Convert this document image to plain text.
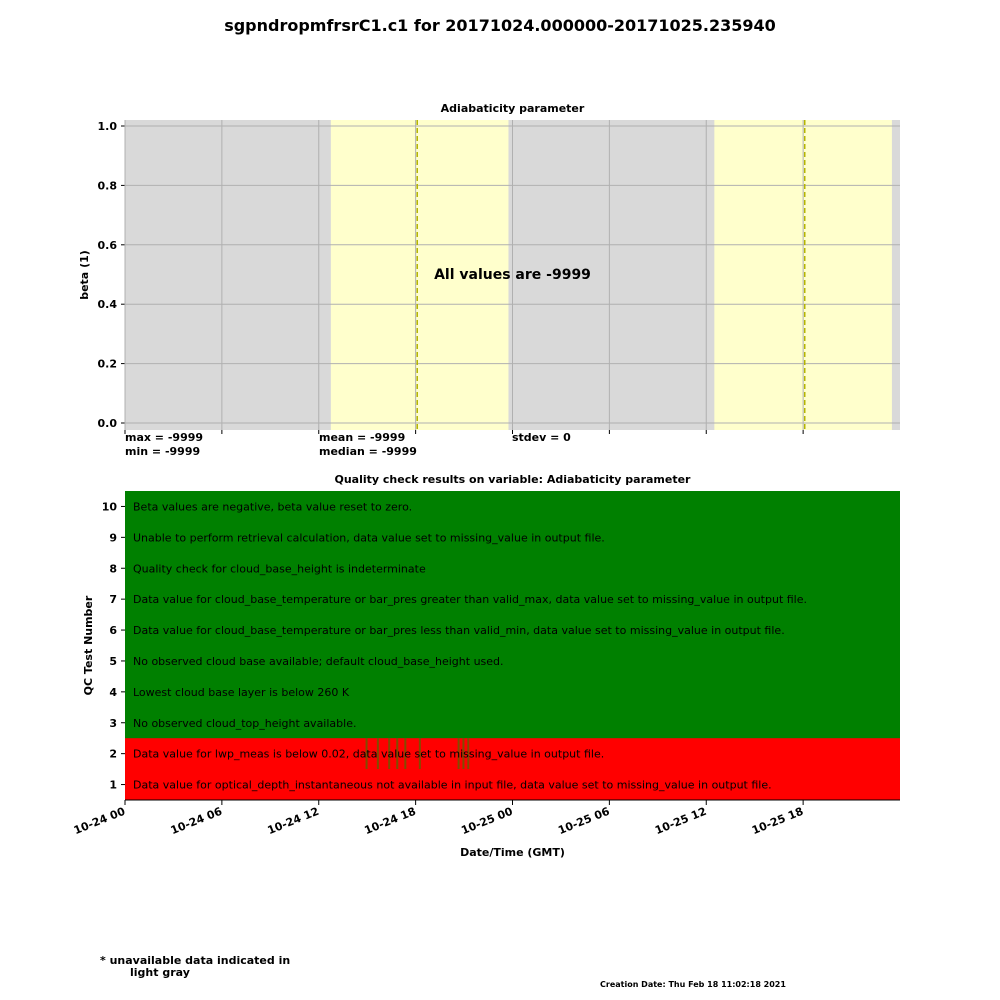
sgpndropmfrsrC1.c1 for 20171024.000000-20171025.235940
Adiabaticity parameter
Quality check results on variable: Adiabaticity parameter
0.0
0.2
0.4
0.6
0.8
1.0
All values are -9999
beta (1)
Beta values are negative, beta value reset to zero.
10
Unable to perform retrieval calculation, data value set to missing_value in output file.
9
Quality check for cloud_base_height is indeterminate
8
Data value for cloud_base_temperature or bar_pres greater than valid_max, data value set to missing_value in output file.
7
Data value for cloud_base_temperature or bar_pres less than valid_min, data value set to missing_value in output file.
6
No observed cloud base available; default cloud_base_height used.
5
Lowest cloud base layer is below 260 K
4
No observed cloud_top_height available.
3
Data value for lwp_meas is below 0.02, data value set to missing_value in output file.
2
Data value for optical_depth_instantaneous not available in input file, data value set to missing_value in output file.
1
10-24 00	10-24 06	10-24 12	10-24 18	10-25 00	10-25 06	10-25 12	10-25 18
Date/Time (GMT)
QC Test Number
max = -9999
min = -9999
mean = -9999
median = -9999
stdev = 0
* unavailable data indicated in
light gray
Creation Date: Thu Feb 18 11:02:18 2021
